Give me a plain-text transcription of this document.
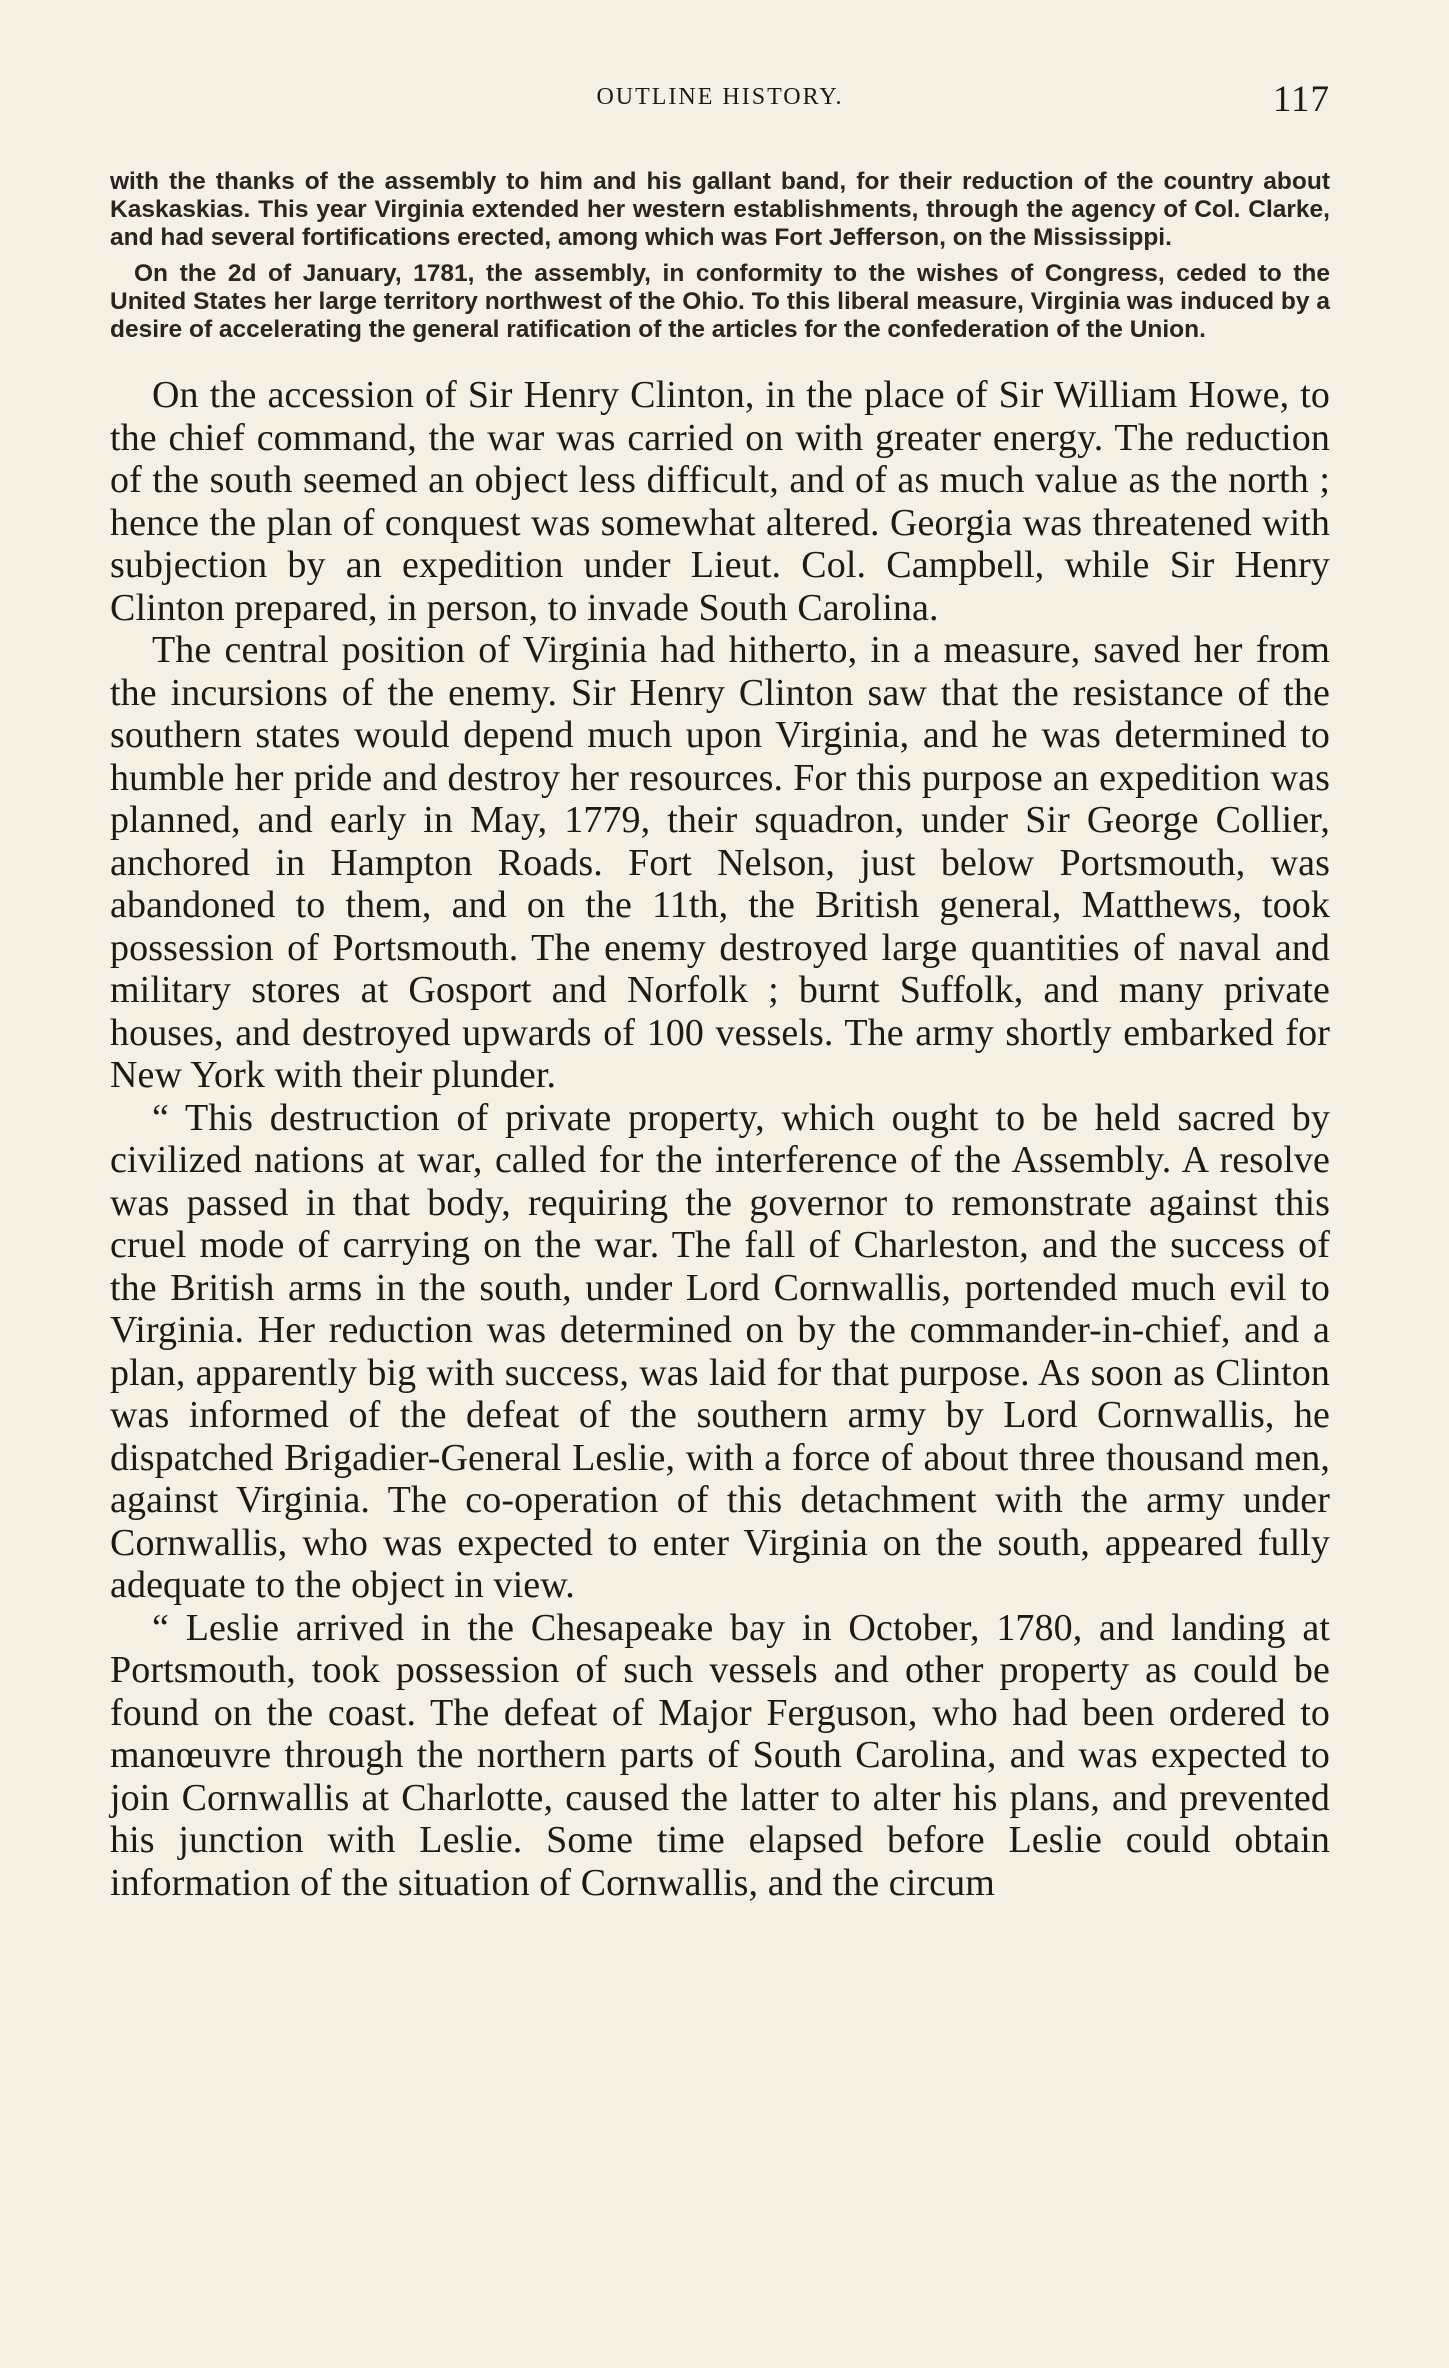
OUTLINE HISTORY.	117

with the thanks of the assembly to him and his gallant band, for their reduction of the country about Kaskaskias. This year Virginia extended her western establishments, through the agency of Col. Clarke, and had several fortifications erected, among which was Fort Jefferson, on the Mississippi.

On the 2d of January, 1781, the assembly, in conformity to the wishes of Congress, ceded to the United States her large territory northwest of the Ohio. To this liberal measure, Virginia was induced by a desire of accelerating the general ratification of the articles for the confederation of the Union.

On the accession of Sir Henry Clinton, in the place of Sir William Howe, to the chief command, the war was carried on with greater energy. The reduction of the south seemed an object less difficult, and of as much value as the north ; hence the plan of conquest was somewhat altered. Georgia was threatened with subjection by an expedition under Lieut. Col. Campbell, while Sir Henry Clinton prepared, in person, to invade South Carolina.

The central position of Virginia had hitherto, in a measure, saved her from the incursions of the enemy. Sir Henry Clinton saw that the resistance of the southern states would depend much upon Virginia, and he was determined to humble her pride and destroy her resources. For this purpose an expedition was planned, and early in May, 1779, their squadron, under Sir George Collier, anchored in Hampton Roads. Fort Nelson, just below Portsmouth, was abandoned to them, and on the 11th, the British general, Matthews, took possession of Portsmouth. The enemy destroyed large quantities of naval and military stores at Gosport and Norfolk ; burnt Suffolk, and many private houses, and destroyed upwards of 100 vessels. The army shortly embarked for New York with their plunder.

“ This destruction of private property, which ought to be held sacred by civilized nations at war, called for the interference of the Assembly. A resolve was passed in that body, requiring the governor to remonstrate against this cruel mode of carrying on the war. The fall of Charleston, and the success of the British arms in the south, under Lord Cornwallis, portended much evil to Virginia. Her reduction was determined on by the commander-in-chief, and a plan, apparently big with success, was laid for that purpose. As soon as Clinton was informed of the defeat of the southern army by Lord Cornwallis, he dispatched Brigadier-General Leslie, with a force of about three thousand men, against Virginia. The co-operation of this detachment with the army under Cornwallis, who was expected to enter Virginia on the south, appeared fully adequate to the object in view.

“ Leslie arrived in the Chesapeake bay in October, 1780, and landing at Portsmouth, took possession of such vessels and other property as could be found on the coast. The defeat of Major Ferguson, who had been ordered to manœuvre through the northern parts of South Carolina, and was expected to join Cornwallis at Charlotte, caused the latter to alter his plans, and prevented his junction with Leslie. Some time elapsed before Leslie could obtain information of the situation of Cornwallis, and the circum
